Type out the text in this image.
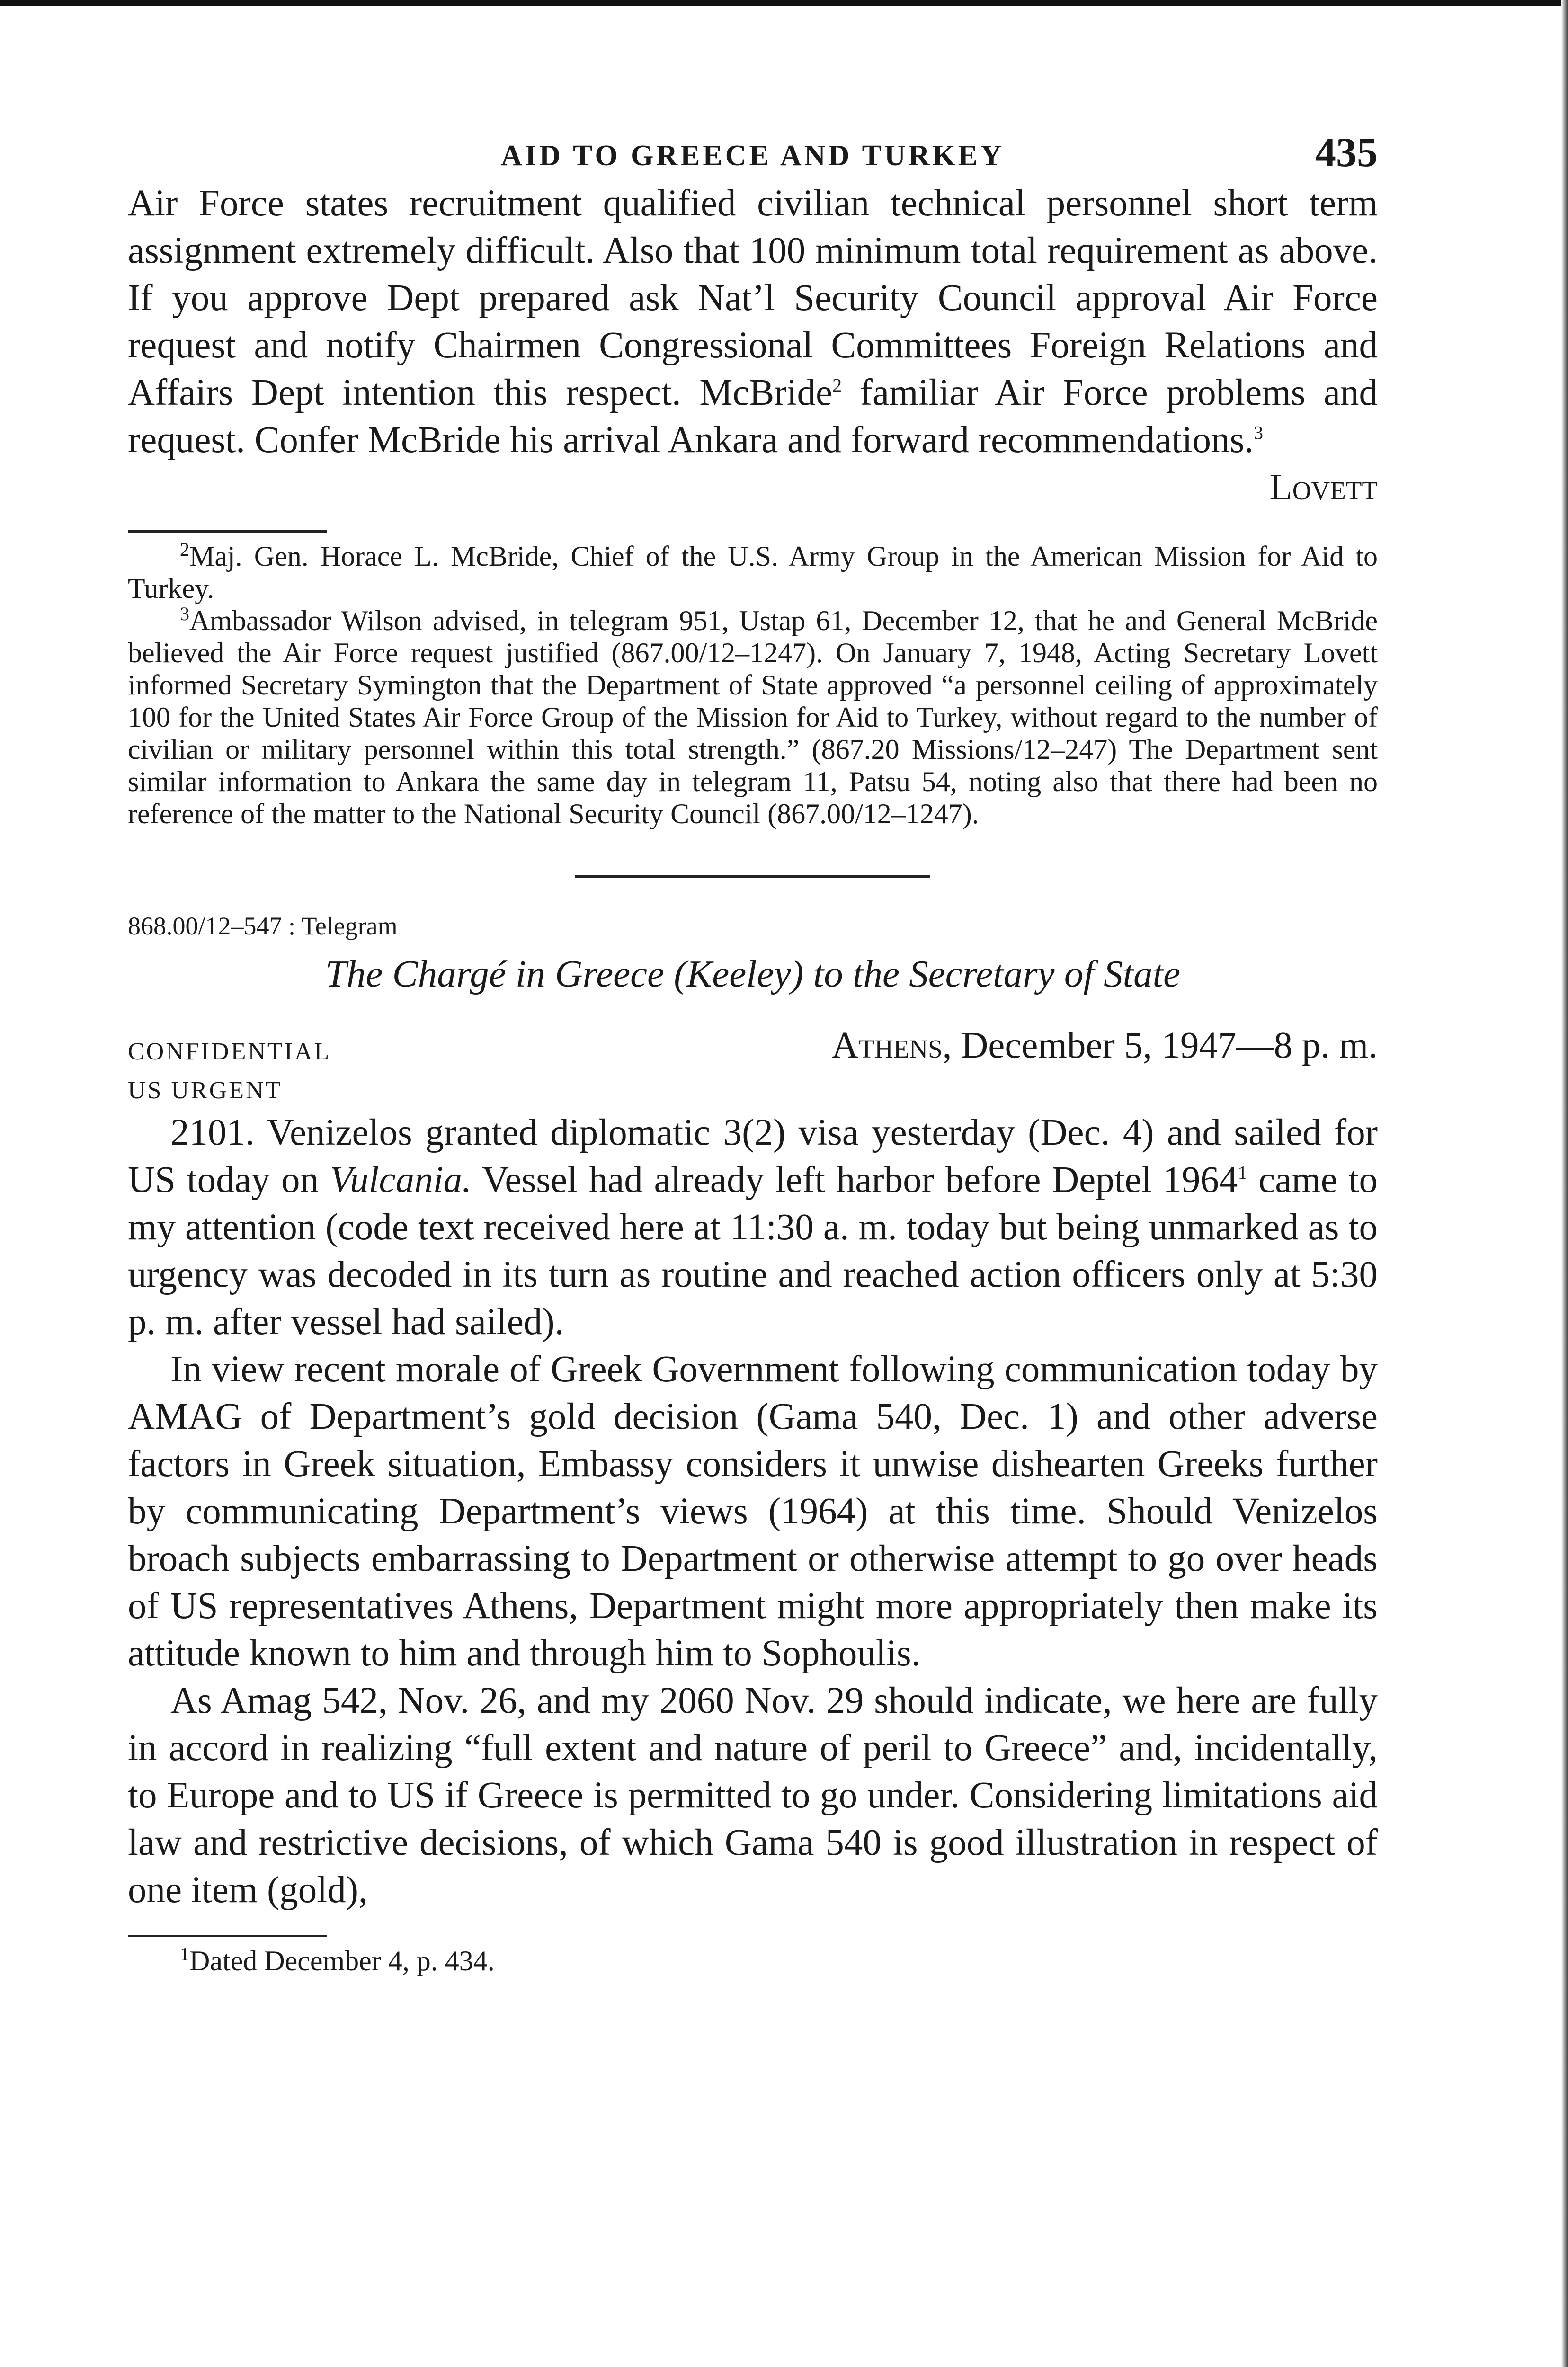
AID TO GREECE AND TURKEY	435

Air Force states recruitment qualified civilian technical personnel short term assignment extremely difficult. Also that 100 minimum total requirement as above. If you approve Dept prepared ask Nat’l Security Council approval Air Force request and notify Chairmen Congressional Committees Foreign Relations and Affairs Dept intention this respect. McBride$^2$ familiar Air Force problems and request. Confer McBride his arrival Ankara and forward recommendations.$^3$

Lovett

$^2$Maj. Gen. Horace L. McBride, Chief of the U.S. Army Group in the American Mission for Aid to Turkey.

$^3$Ambassador Wilson advised, in telegram 951, Ustap 61, December 12, that he and General McBride believed the Air Force request justified (867.00/12–1247). On January 7, 1948, Acting Secretary Lovett informed Secretary Symington that the Department of State approved “a personnel ceiling of approximately 100 for the United States Air Force Group of the Mission for Aid to Turkey, without regard to the number of civilian or military personnel within this total strength.” (867.20 Missions/12–247) The Department sent similar information to Ankara the same day in telegram 11, Patsu 54, noting also that there had been no reference of the matter to the National Security Council (867.00/12–1247).

868.00/12–547 : Telegram

The Chargé in Greece (Keeley) to the Secretary of State

CONFIDENTIAL	Athens, December 5, 1947—8 p. m.

US URGENT

2101. Venizelos granted diplomatic 3(2) visa yesterday (Dec. 4) and sailed for US today on Vulcania. Vessel had already left harbor before Deptel 1964$^1$ came to my attention (code text received here at 11:30 a. m. today but being unmarked as to urgency was decoded in its turn as routine and reached action officers only at 5:30 p. m. after vessel had sailed).

In view recent morale of Greek Government following communication today by AMAG of Department’s gold decision (Gama 540, Dec. 1) and other adverse factors in Greek situation, Embassy considers it unwise dishearten Greeks further by communicating Department’s views (1964) at this time. Should Venizelos broach subjects embarrassing to Department or otherwise attempt to go over heads of US representatives Athens, Department might more appropriately then make its attitude known to him and through him to Sophoulis.

As Amag 542, Nov. 26, and my 2060 Nov. 29 should indicate, we here are fully in accord in realizing “full extent and nature of peril to Greece” and, incidentally, to Europe and to US if Greece is permitted to go under. Considering limitations aid law and restrictive decisions, of which Gama 540 is good illustration in respect of one item (gold),

$^1$Dated December 4, p. 434.
